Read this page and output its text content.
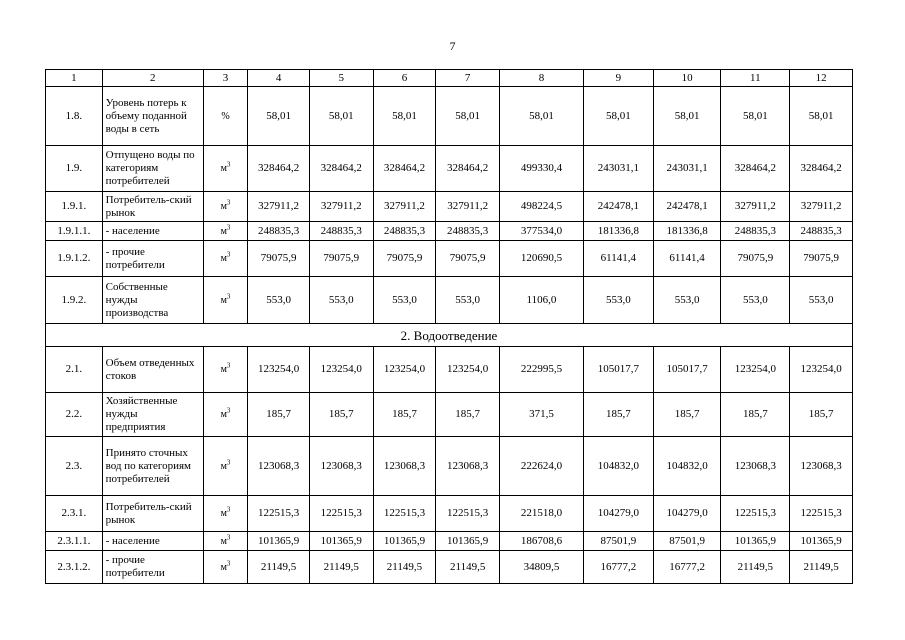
7
1	2	3	4	5	6	7	8	9	10	11	12
1.8.	Уровень потерь к объему поданной воды в сеть	%	58,01	58,01	58,01	58,01	58,01	58,01	58,01	58,01	58,01
1.9.	Отпущено воды по категориям потребителей	$м^3$	328464,2	328464,2	328464,2	328464,2	499330,4	243031,1	243031,1	328464,2	328464,2
1.9.1.	Потребитель-ский рынок	$м^3$	327911,2	327911,2	327911,2	327911,2	498224,5	242478,1	242478,1	327911,2	327911,2
1.9.1.1.	- население	$м^3$	248835,3	248835,3	248835,3	248835,3	377534,0	181336,8	181336,8	248835,3	248835,3
1.9.1.2.	- прочие потребители	$м^3$	79075,9	79075,9	79075,9	79075,9	120690,5	61141,4	61141,4	79075,9	79075,9
1.9.2.	Собственные нужды производства	$м^3$	553,0	553,0	553,0	553,0	1106,0	553,0	553,0	553,0	553,0
2. Водоотведение											
2.1.	Объем отведенных стоков	$м^3$	123254,0	123254,0	123254,0	123254,0	222995,5	105017,7	105017,7	123254,0	123254,0
2.2.	Хозяйственные нужды предприятия	$м^3$	185,7	185,7	185,7	185,7	371,5	185,7	185,7	185,7	185,7
2.3.	Принято сточных вод по категориям потребителей	$м^3$	123068,3	123068,3	123068,3	123068,3	222624,0	104832,0	104832,0	123068,3	123068,3
2.3.1.	Потребитель-ский рынок	$м^3$	122515,3	122515,3	122515,3	122515,3	221518,0	104279,0	104279,0	122515,3	122515,3
2.3.1.1.	- население	$м^3$	101365,9	101365,9	101365,9	101365,9	186708,6	87501,9	87501,9	101365,9	101365,9
2.3.1.2.	- прочие потребители	$м^3$	21149,5	21149,5	21149,5	21149,5	34809,5	16777,2	16777,2	21149,5	21149,5
